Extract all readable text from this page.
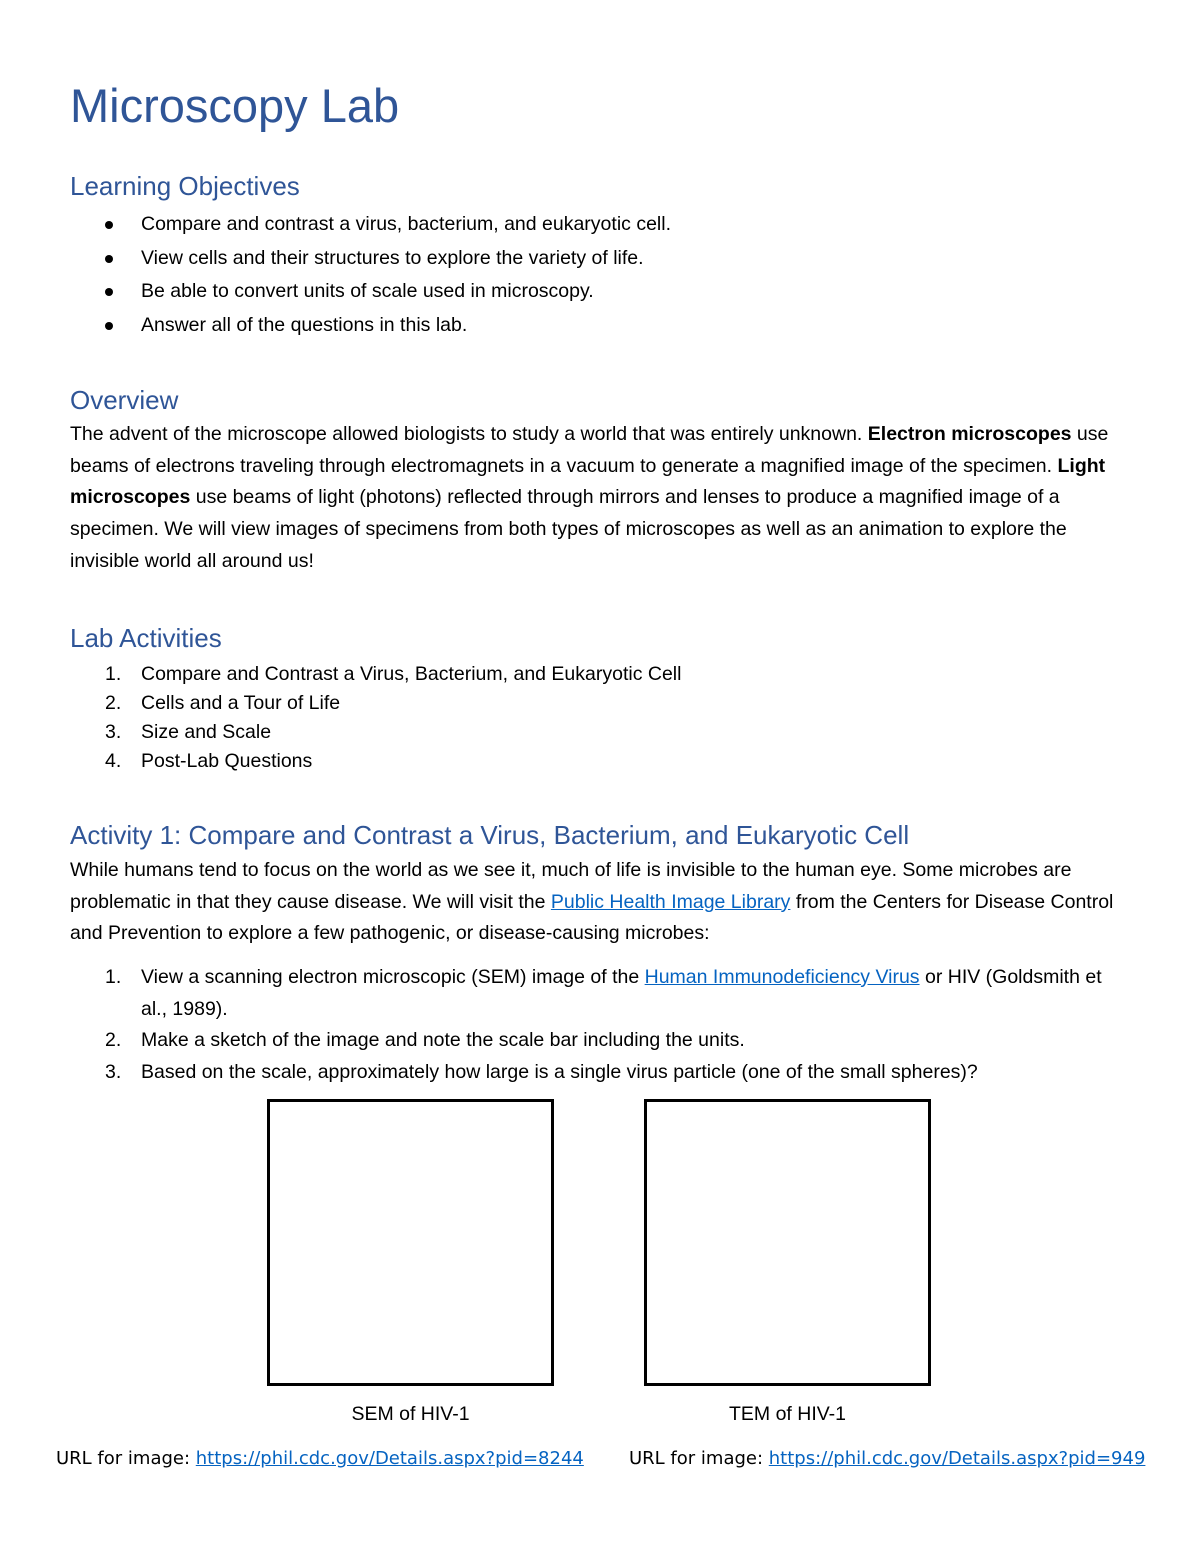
Microscopy Lab
Learning Objectives
Compare and contrast a virus, bacterium, and eukaryotic cell.
View cells and their structures to explore the variety of life.
Be able to convert units of scale used in microscopy.
Answer all of the questions in this lab.
Overview

The advent of the microscope allowed biologists to study a world that was entirely unknown. Electron microscopes use beams of electrons traveling through electromagnets in a vacuum to generate a magnified image of the specimen. Light microscopes use beams of light (photons) reflected through mirrors and lenses to produce a magnified image of a specimen. We will view images of specimens from both types of microscopes as well as an animation to explore the invisible world all around us!

Lab Activities
1. Compare and Contrast a Virus, Bacterium, and Eukaryotic Cell
2. Cells and a Tour of Life
3. Size and Scale
4. Post-Lab Questions
Activity 1: Compare and Contrast a Virus, Bacterium, and Eukaryotic Cell

While humans tend to focus on the world as we see it, much of life is invisible to the human eye. Some microbes are problematic in that they cause disease. We will visit the Public Health Image Library from the Centers for Disease Control and Prevention to explore a few pathogenic, or disease-causing microbes:

1. View a scanning electron microscopic (SEM) image of the Human Immunodeficiency Virus or HIV (Goldsmith et al., 1989).
2. Make a sketch of the image and note the scale bar including the units.
3. Based on the scale, approximately how large is a single virus particle (one of the small spheres)?
SEM of HIV-1	TEM of HIV-1
URL for image: https://phil.cdc.gov/Details.aspx?pid=8244	URL for image: https://phil.cdc.gov/Details.aspx?pid=949
